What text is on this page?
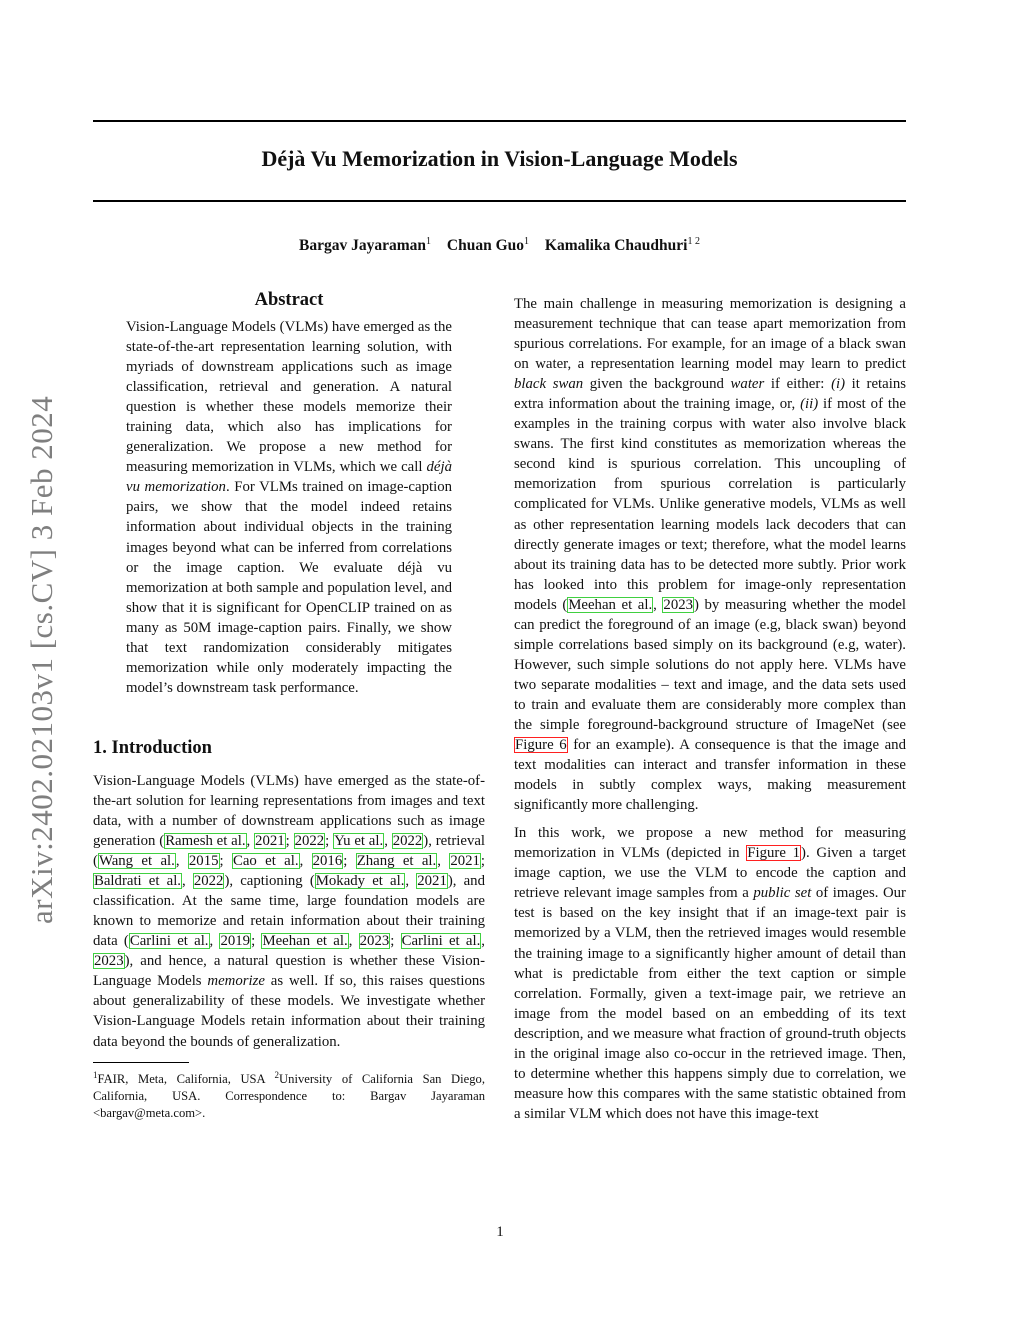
Déjà Vu Memorization in Vision-Language Models
Bargav Jayaraman$^1$ Chuan Guo$^1$ Kamalika Chaudhuri$^{1 2}$
arXiv:2402.02103v1 [cs.CV] 3 Feb 2024
Abstract

Vision-Language Models (VLMs) have emerged as the state-of-the-art representation learning solution, with myriads of downstream applications such as image classification, retrieval and generation. A natural question is whether these models memorize their training data, which also has implications for generalization. We propose a new method for measuring memorization in VLMs, which we call déjà vu memorization. For VLMs trained on image-caption pairs, we show that the model indeed retains information about individual objects in the training images beyond what can be inferred from correlations or the image caption. We evaluate déjà vu memorization at both sample and population level, and show that it is significant for OpenCLIP trained on as many as 50M image-caption pairs. Finally, we show that text randomization considerably mitigates memorization while only moderately impacting the model’s downstream task performance.

1. Introduction

Vision-Language Models (VLMs) have emerged as the state-of-the-art solution for learning representations from images and text data, with a number of downstream applications such as image generation (Ramesh et al., 2021; 2022; Yu et al., 2022), retrieval (Wang et al., 2015; Cao et al., 2016; Zhang et al., 2021; Baldrati et al., 2022), captioning (Mokady et al., 2021), and classification. At the same time, large foundation models are known to memorize and retain information about their training data (Carlini et al., 2019; Meehan et al., 2023; Carlini et al., 2023), and hence, a natural question is whether these Vision-Language Models memorize as well. If so, this raises questions about generalizability of these models. We investigate whether Vision-Language Models retain information about their training data beyond the bounds of generalization.

$^1$FAIR, Meta, California, USA $^2$University of California San Diego, California, USA. Correspondence to: Bargav Jayaraman <bargav@meta.com>.

The main challenge in measuring memorization is designing a measurement technique that can tease apart memorization from spurious correlations. For example, for an image of a black swan on water, a representation learning model may learn to predict black swan given the background water if either: (i) it retains extra information about the training image, or, (ii) if most of the examples in the training corpus with water also involve black swans. The first kind constitutes as memorization whereas the second kind is spurious correlation. This uncoupling of memorization from spurious correlation is particularly complicated for VLMs. Unlike generative models, VLMs as well as other representation learning models lack decoders that can directly generate images or text; therefore, what the model learns about its training data has to be detected more subtly. Prior work has looked into this problem for image-only representation models (Meehan et al., 2023) by measuring whether the model can predict the foreground of an image (e.g, black swan) beyond simple correlations based simply on its background (e.g, water). However, such simple solutions do not apply here. VLMs have two separate modalities – text and image, and the data sets used to train and evaluate them are considerably more complex than the simple foreground-background structure of ImageNet (see Figure 6 for an example). A consequence is that the image and text modalities can interact and transfer information in these models in subtly complex ways, making measurement significantly more challenging.

In this work, we propose a new method for measuring memorization in VLMs (depicted in Figure 1). Given a target image caption, we use the VLM to encode the caption and retrieve relevant image samples from a public set of images. Our test is based on the key insight that if an image-text pair is memorized by a VLM, then the retrieved images would resemble the training image to a significantly higher amount of detail than what is predictable from either the text caption or simple correlation. Formally, given a text-image pair, we retrieve an image from the model based on an embedding of its text description, and we measure what fraction of ground-truth objects in the original image also co-occur in the retrieved image. Then, to determine whether this happens simply due to correlation, we measure how this compares with the same statistic obtained from a similar VLM which does not have this image-text

1
